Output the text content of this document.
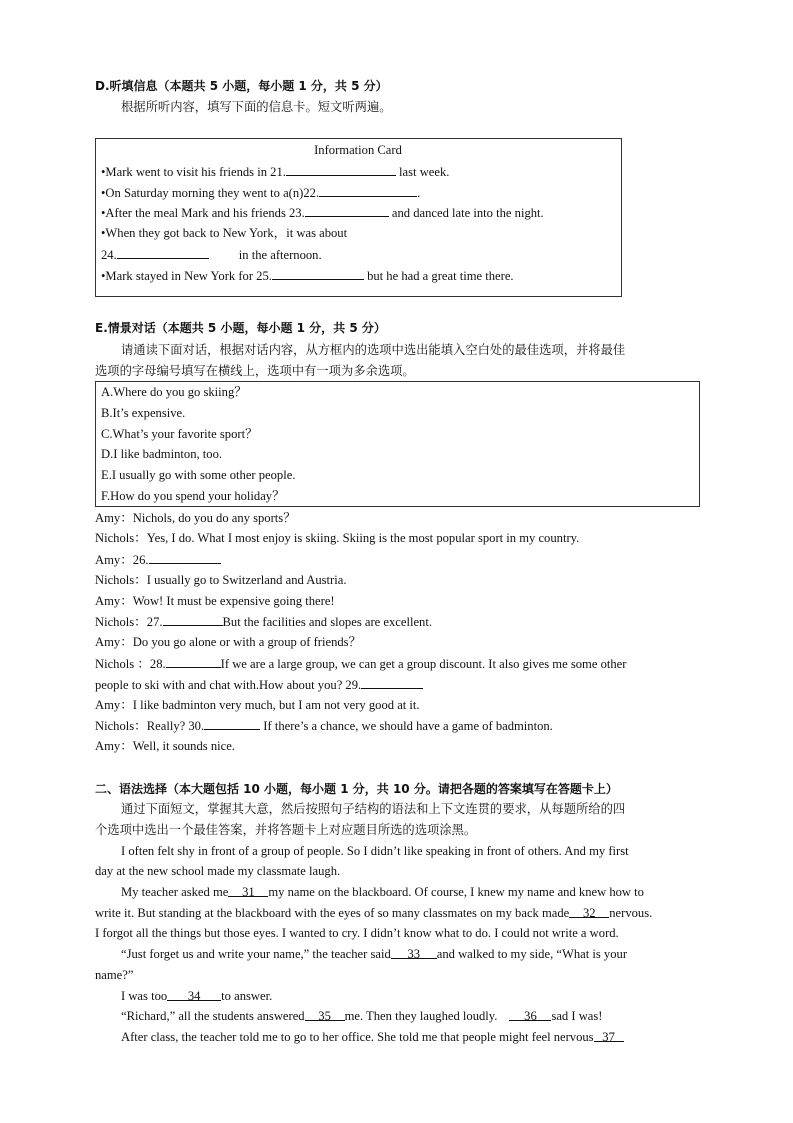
D.听填信息（本题共 5 小题，每小题 1 分，共 5 分）
根据所听内容，填写下面的信息卡。短文听两遍。
Information Card
•Mark went to visit his friends in 21.	last week.
•On Saturday morning they went to a(n)22.	.
•After the meal Mark and his friends 23.	and danced late into the night.
•When they got back to New York，it was about
24.	in the afternoon.
•Mark stayed in New York for 25.	but he had a great time there.
E.情景对话（本题共 5 小题，每小题 1 分，共 5 分）
请通读下面对话，根据对话内容，从方框内的选项中选出能填入空白处的最佳选项，并将最佳
选项的字母编号填写在横线上，选项中有一项为多余选项。
A.Where do you go skiing？
B.It’s expensive.
C.What’s your favorite sport？
D.I like badminton, too.
E.I usually go with some other people.
F.How do you spend your holiday？
Amy：Nichols, do you do any sports？
Nichols：Yes, I do. What I most enjoy is skiing. Skiing is the most popular sport in my country.
Amy：26.
Nichols：I usually go to Switzerland and Austria.
Amy：Wow! It must be expensive going there!
Nichols：27.	But the facilities and slopes are excellent.
Amy：Do you go alone or with a group of friends？
Nichols ：28.	If we are a large group, we can get a group discount. It also gives me some other
people to ski with and chat with.How about you? 29.
Amy：I like badminton very much, but I am not very good at it.
Nichols：Really? 30.	If there’s a chance, we should have a game of badminton.
Amy：Well, it sounds nice.
二、语法选择（本大题包括 10 小题，每小题 1 分，共 10 分。请把各题的答案填写在答题卡上）
通过下面短文，掌握其大意，然后按照句子结构的语法和上下文连贯的要求，从每题所给的四
个选项中选出一个最佳答案，并将答题卡上对应题目所选的选项涂黑。
I often felt shy in front of a group of people. So I didn’t like speaking in front of others. And my first
day at the new school made my classmate laugh.
My teacher asked me 31 my name on the blackboard. Of course, I knew my name and knew how to
write it. But standing at the blackboard with the eyes of so many classmates on my back made 32 nervous.
I forgot all the things but those eyes. I wanted to cry. I didn’t know what to do. I could not write a word.
“Just forget us and write your name,” the teacher said 33 and walked to my side, “What is your
name?”
I was too 34 to answer.
“Richard,” all the students answered 35 me. Then they laughed loudly. 36 sad I was!
After class, the teacher told me to go to her office. She told me that people might feel nervous 37
